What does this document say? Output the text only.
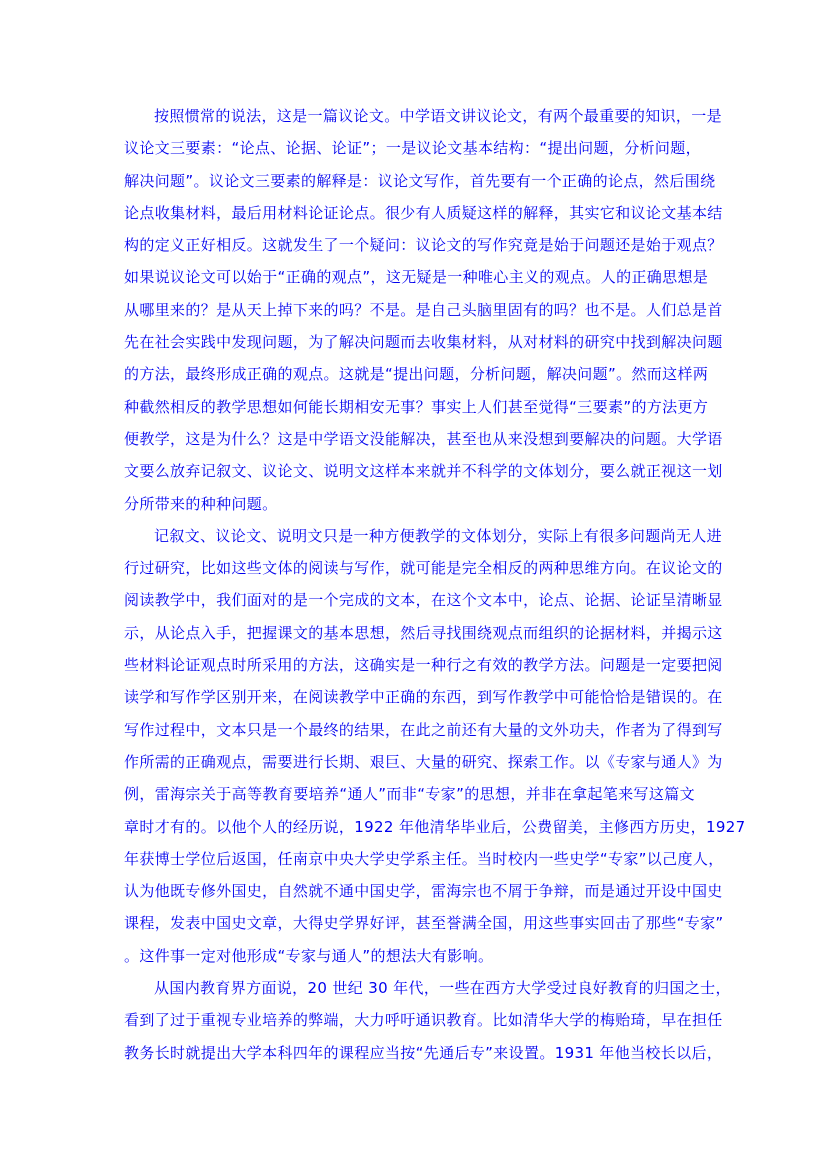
按照惯常的说法，这是一篇议论文。中学语文讲议论文，有两个最重要的知识，一是
议论文三要素：“论点、论据、论证”；一是议论文基本结构：“提出问题，分析问题，
解决问题”。议论文三要素的解释是：议论文写作，首先要有一个正确的论点，然后围绕
论点收集材料，最后用材料论证论点。很少有人质疑这样的解释，其实它和议论文基本结
构的定义正好相反。这就发生了一个疑问：议论文的写作究竟是始于问题还是始于观点？
如果说议论文可以始于“正确的观点”，这无疑是一种唯心主义的观点。人的正确思想是
从哪里来的？是从天上掉下来的吗？不是。是自己头脑里固有的吗？也不是。人们总是首
先在社会实践中发现问题，为了解决问题而去收集材料，从对材料的研究中找到解决问题
的方法，最终形成正确的观点。这就是“提出问题，分析问题，解决问题”。然而这样两
种截然相反的教学思想如何能长期相安无事？事实上人们甚至觉得“三要素”的方法更方
便教学，这是为什么？这是中学语文没能解决，甚至也从来没想到要解决的问题。大学语
文要么放弃记叙文、议论文、说明文这样本来就并不科学的文体划分，要么就正视这一划
分所带来的种种问题。
记叙文、议论文、说明文只是一种方便教学的文体划分，实际上有很多问题尚无人进
行过研究，比如这些文体的阅读与写作，就可能是完全相反的两种思维方向。在议论文的
阅读教学中，我们面对的是一个完成的文本，在这个文本中，论点、论据、论证呈清晰显
示，从论点入手，把握课文的基本思想，然后寻找围绕观点而组织的论据材料，并揭示这
些材料论证观点时所采用的方法，这确实是一种行之有效的教学方法。问题是一定要把阅
读学和写作学区别开来，在阅读教学中正确的东西，到写作教学中可能恰恰是错误的。在
写作过程中，文本只是一个最终的结果，在此之前还有大量的文外功夫，作者为了得到写
作所需的正确观点，需要进行长期、艰巨、大量的研究、探索工作。以《专家与通人》为
例，雷海宗关于高等教育要培养“通人”而非“专家”的思想，并非在拿起笔来写这篇文
章时才有的。以他个人的经历说，1922 年他清华毕业后，公费留美，主修西方历史，1927
年获博士学位后返国，任南京中央大学史学系主任。当时校内一些史学“专家”以己度人，
认为他既专修外国史，自然就不通中国史学，雷海宗也不屑于争辩，而是通过开设中国史
课程，发表中国史文章，大得史学界好评，甚至誉满全国，用这些事实回击了那些“专家”
。这件事一定对他形成“专家与通人”的想法大有影响。
从国内教育界方面说，20 世纪 30 年代，一些在西方大学受过良好教育的归国之士，
看到了过于重视专业培养的弊端，大力呼吁通识教育。比如清华大学的梅贻琦，早在担任
教务长时就提出大学本科四年的课程应当按“先通后专”来设置。1931 年他当校长以后，
